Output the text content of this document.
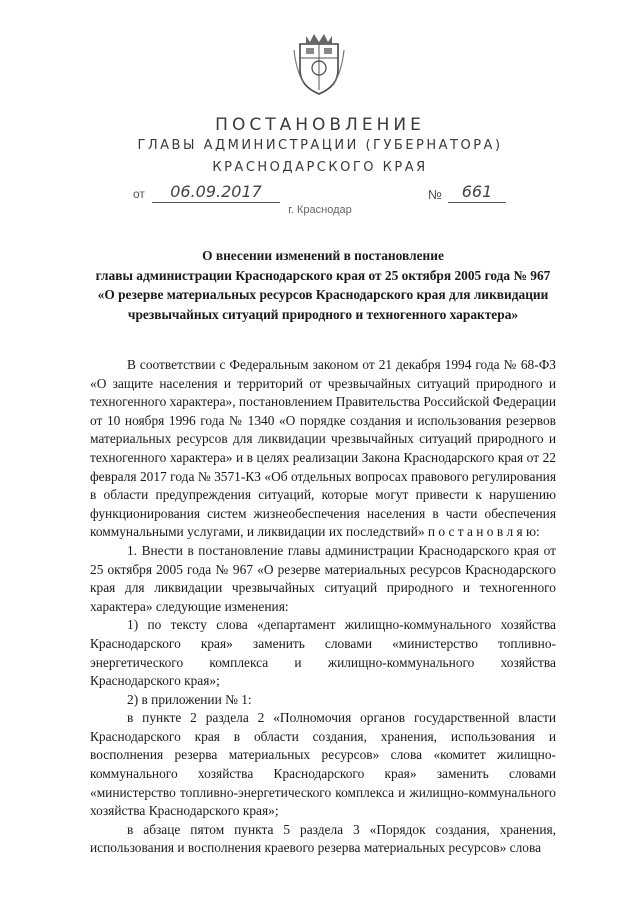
ПОСТАНОВЛЕНИЕ
ГЛАВЫ АДМИНИСТРАЦИИ (ГУБЕРНАТОРА)
КРАСНОДАРСКОГО КРАЯ
от	06.09.2017	№	661
г. Краснодар
О внесении изменений в постановление
главы администрации Краснодарского края от 25 октября 2005 года № 967
«О резерве материальных ресурсов Краснодарского края для ликвидации
чрезвычайных ситуаций природного и техногенного характера»

В соответствии с Федеральным законом от 21 декабря 1994 года № 68-ФЗ «О защите населения и территорий от чрезвычайных ситуаций природного и техногенного характера», постановлением Правительства Российской Федерации от 10 ноября 1996 года № 1340 «О порядке создания и использования резервов материальных ресурсов для ликвидации чрезвычайных ситуаций природного и техногенного характера» и в целях реализации Закона Краснодарского края от 22 февраля 2017 года № 3571-КЗ «Об отдельных вопросах правового регулирования в области предупреждения ситуаций, которые могут привести к нарушению функционирования систем жизнеобеспечения населения в части обеспечения коммунальными услугами, и ликвидации их последствий» п о с т а н о в л я ю:

1. Внести в постановление главы администрации Краснодарского края от 25 октября 2005 года № 967 «О резерве материальных ресурсов Краснодарского края для ликвидации чрезвычайных ситуаций природного и техногенного характера» следующие изменения:

1) по тексту слова «департамент жилищно-коммунального хозяйства Краснодарского края» заменить словами «министерство топливно-энергетического комплекса и жилищно-коммунального хозяйства Краснодарского края»;

2) в приложении № 1:

в пункте 2 раздела 2 «Полномочия органов государственной власти Краснодарского края в области создания, хранения, использования и восполнения резерва материальных ресурсов» слова «комитет жилищно-коммунального хозяйства Краснодарского края» заменить словами «министерство топливно-энергетического комплекса и жилищно-коммунального хозяйства Краснодарского края»;

в абзаце пятом пункта 5 раздела 3 «Порядок создания, хранения, использования и восполнения краевого резерва материальных ресурсов» слова
